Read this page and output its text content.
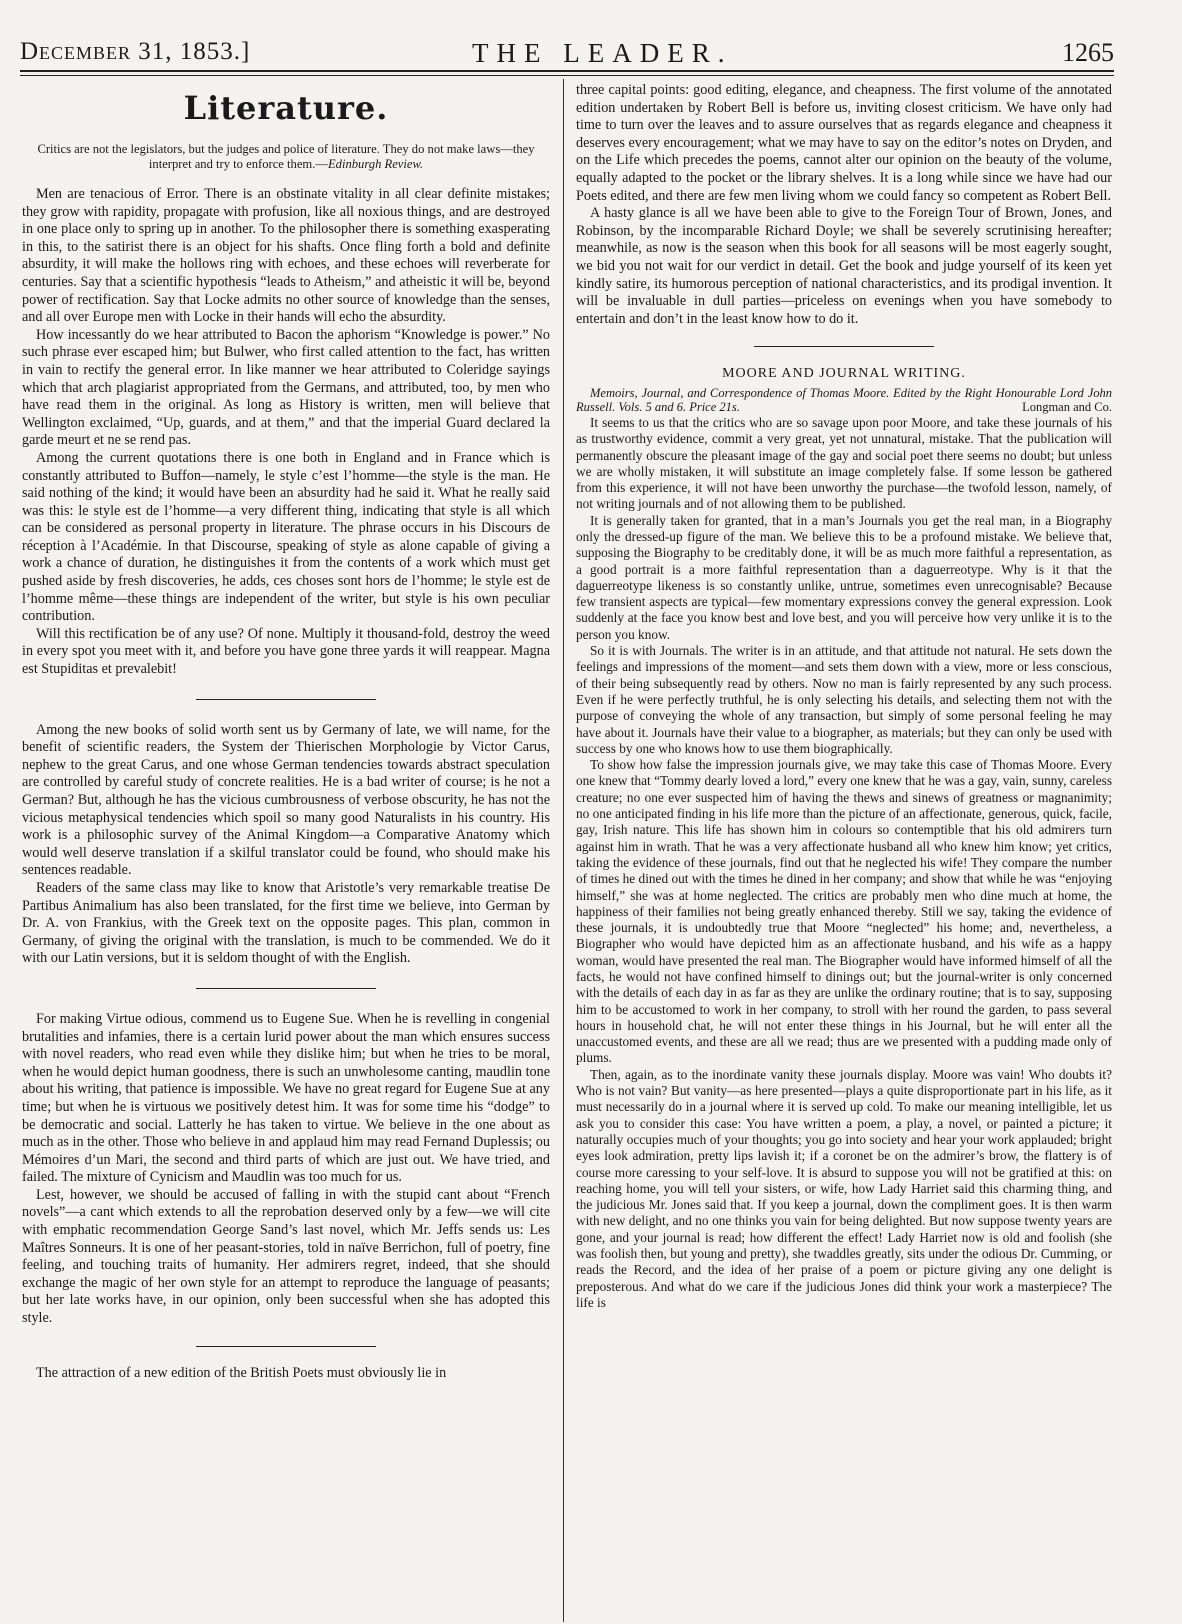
December 31, 1853.]	THE LEADER.	1265
Literature.
Critics are not the legislators, but the judges and police of literature. They do not make laws—they interpret and try to enforce them.—Edinburgh Review.

Men are tenacious of Error. There is an obstinate vitality in all clear definite mistakes; they grow with rapidity, propagate with profusion, like all noxious things, and are destroyed in one place only to spring up in another. To the philosopher there is something exasperating in this, to the satirist there is an object for his shafts. Once fling forth a bold and definite absurdity, it will make the hollows ring with echoes, and these echoes will reverberate for centuries. Say that a scientific hypothesis “leads to Atheism,” and atheistic it will be, beyond power of rectification. Say that Locke admits no other source of knowledge than the senses, and all over Europe men with Locke in their hands will echo the absurdity.

How incessantly do we hear attributed to Bacon the aphorism “Knowledge is power.” No such phrase ever escaped him; but Bulwer, who first called attention to the fact, has written in vain to rectify the general error. In like manner we hear attributed to Coleridge sayings which that arch plagiarist appropriated from the Germans, and attributed, too, by men who have read them in the original. As long as History is written, men will believe that Wellington exclaimed, “Up, guards, and at them,” and that the imperial Guard declared la garde meurt et ne se rend pas.

Among the current quotations there is one both in England and in France which is constantly attributed to Buffon—namely, le style c’est l’homme—the style is the man. He said nothing of the kind; it would have been an absurdity had he said it. What he really said was this: le style est de l’homme—a very different thing, indicating that style is all which can be considered as personal property in literature. The phrase occurs in his Discours de réception à l’Académie. In that Discourse, speaking of style as alone capable of giving a work a chance of duration, he distinguishes it from the contents of a work which must get pushed aside by fresh discoveries, he adds, ces choses sont hors de l’homme; le style est de l’homme même—these things are independent of the writer, but style is his own peculiar contribution.

Will this rectification be of any use? Of none. Multiply it thousand-fold, destroy the weed in every spot you meet with it, and before you have gone three yards it will reappear. Magna est Stupiditas et prevalebit!

Among the new books of solid worth sent us by Germany of late, we will name, for the benefit of scientific readers, the System der Thierischen Morphologie by Victor Carus, nephew to the great Carus, and one whose German tendencies towards abstract speculation are controlled by careful study of concrete realities. He is a bad writer of course; is he not a German? But, although he has the vicious cumbrousness of verbose obscurity, he has not the vicious metaphysical tendencies which spoil so many good Naturalists in his country. His work is a philosophic survey of the Animal Kingdom—a Comparative Anatomy which would well deserve translation if a skilful translator could be found, who should make his sentences readable.

Readers of the same class may like to know that Aristotle’s very remarkable treatise De Partibus Animalium has also been translated, for the first time we believe, into German by Dr. A. von Frankius, with the Greek text on the opposite pages. This plan, common in Germany, of giving the original with the translation, is much to be commended. We do it with our Latin versions, but it is seldom thought of with the English.

For making Virtue odious, commend us to Eugene Sue. When he is revelling in congenial brutalities and infamies, there is a certain lurid power about the man which ensures success with novel readers, who read even while they dislike him; but when he tries to be moral, when he would depict human goodness, there is such an unwholesome canting, maudlin tone about his writing, that patience is impossible. We have no great regard for Eugene Sue at any time; but when he is virtuous we positively detest him. It was for some time his “dodge” to be democratic and social. Latterly he has taken to virtue. We believe in the one about as much as in the other. Those who believe in and applaud him may read Fernand Duplessis; ou Mémoires d’un Mari, the second and third parts of which are just out. We have tried, and failed. The mixture of Cynicism and Maudlin was too much for us.

Lest, however, we should be accused of falling in with the stupid cant about “French novels”—a cant which extends to all the reprobation deserved only by a few—we will cite with emphatic recommendation George Sand’s last novel, which Mr. Jeffs sends us: Les Maîtres Sonneurs. It is one of her peasant-stories, told in naïve Berrichon, full of poetry, fine feeling, and touching traits of humanity. Her admirers regret, indeed, that she should exchange the magic of her own style for an attempt to reproduce the language of peasants; but her late works have, in our opinion, only been successful when she has adopted this style.

The attraction of a new edition of the British Poets must obviously lie in

three capital points: good editing, elegance, and cheapness. The first volume of the annotated edition undertaken by Robert Bell is before us, inviting closest criticism. We have only had time to turn over the leaves and to assure ourselves that as regards elegance and cheapness it deserves every encouragement; what we may have to say on the editor’s notes on Dryden, and on the Life which precedes the poems, cannot alter our opinion on the beauty of the volume, equally adapted to the pocket or the library shelves. It is a long while since we have had our Poets edited, and there are few men living whom we could fancy so competent as Robert Bell.

A hasty glance is all we have been able to give to the Foreign Tour of Brown, Jones, and Robinson, by the incomparable Richard Doyle; we shall be severely scrutinising hereafter; meanwhile, as now is the season when this book for all seasons will be most eagerly sought, we bid you not wait for our verdict in detail. Get the book and judge yourself of its keen yet kindly satire, its humorous perception of national characteristics, and its prodigal invention. It will be invaluable in dull parties—priceless on evenings when you have somebody to entertain and don’t in the least know how to do it.

MOORE AND JOURNAL WRITING.

Memoirs, Journal, and Correspondence of Thomas Moore. Edited by the Right Honourable Lord John Russell. Vols. 5 and 6. Price 21s.	Longman and Co.

It seems to us that the critics who are so savage upon poor Moore, and take these journals of his as trustworthy evidence, commit a very great, yet not unnatural, mistake. That the publication will permanently obscure the pleasant image of the gay and social poet there seems no doubt; but unless we are wholly mistaken, it will substitute an image completely false. If some lesson be gathered from this experience, it will not have been unworthy the purchase—the twofold lesson, namely, of not writing journals and of not allowing them to be published.

It is generally taken for granted, that in a man’s Journals you get the real man, in a Biography only the dressed-up figure of the man. We believe this to be a profound mistake. We believe that, supposing the Biography to be creditably done, it will be as much more faithful a representation, as a good portrait is a more faithful representation than a daguerreotype. Why is it that the daguerreotype likeness is so constantly unlike, untrue, sometimes even unrecognisable? Because few transient aspects are typical—few momentary expressions convey the general expression. Look suddenly at the face you know best and love best, and you will perceive how very unlike it is to the person you know.

So it is with Journals. The writer is in an attitude, and that attitude not natural. He sets down the feelings and impressions of the moment—and sets them down with a view, more or less conscious, of their being subsequently read by others. Now no man is fairly represented by any such process. Even if he were perfectly truthful, he is only selecting his details, and selecting them not with the purpose of conveying the whole of any transaction, but simply of some personal feeling he may have about it. Journals have their value to a biographer, as materials; but they can only be used with success by one who knows how to use them biographically.

To show how false the impression journals give, we may take this case of Thomas Moore. Every one knew that “Tommy dearly loved a lord,” every one knew that he was a gay, vain, sunny, careless creature; no one ever suspected him of having the thews and sinews of greatness or magnanimity; no one anticipated finding in his life more than the picture of an affectionate, generous, quick, facile, gay, Irish nature. This life has shown him in colours so contemptible that his old admirers turn against him in wrath. That he was a very affectionate husband all who knew him know; yet critics, taking the evidence of these journals, find out that he neglected his wife! They compare the number of times he dined out with the times he dined in her company; and show that while he was “enjoying himself,” she was at home neglected. The critics are probably men who dine much at home, the happiness of their families not being greatly enhanced thereby. Still we say, taking the evidence of these journals, it is undoubtedly true that Moore “neglected” his home; and, nevertheless, a Biographer who would have depicted him as an affectionate husband, and his wife as a happy woman, would have presented the real man. The Biographer would have informed himself of all the facts, he would not have confined himself to dinings out; but the journal-writer is only concerned with the details of each day in as far as they are unlike the ordinary routine; that is to say, supposing him to be accustomed to work in her company, to stroll with her round the garden, to pass several hours in household chat, he will not enter these things in his Journal, but he will enter all the unaccustomed events, and these are all we read; thus are we presented with a pudding made only of plums.

Then, again, as to the inordinate vanity these journals display. Moore was vain! Who doubts it? Who is not vain? But vanity—as here presented—plays a quite disproportionate part in his life, as it must necessarily do in a journal where it is served up cold. To make our meaning intelligible, let us ask you to consider this case: You have written a poem, a play, a novel, or painted a picture; it naturally occupies much of your thoughts; you go into society and hear your work applauded; bright eyes look admiration, pretty lips lavish it; if a coronet be on the admirer’s brow, the flattery is of course more caressing to your self-love. It is absurd to suppose you will not be gratified at this: on reaching home, you will tell your sisters, or wife, how Lady Harriet said this charming thing, and the judicious Mr. Jones said that. If you keep a journal, down the compliment goes. It is then warm with new delight, and no one thinks you vain for being delighted. But now suppose twenty years are gone, and your journal is read; how different the effect! Lady Harriet now is old and foolish (she was foolish then, but young and pretty), she twaddles greatly, sits under the odious Dr. Cumming, or reads the Record, and the idea of her praise of a poem or picture giving any one delight is preposterous. And what do we care if the judicious Jones did think your work a masterpiece? The life is
